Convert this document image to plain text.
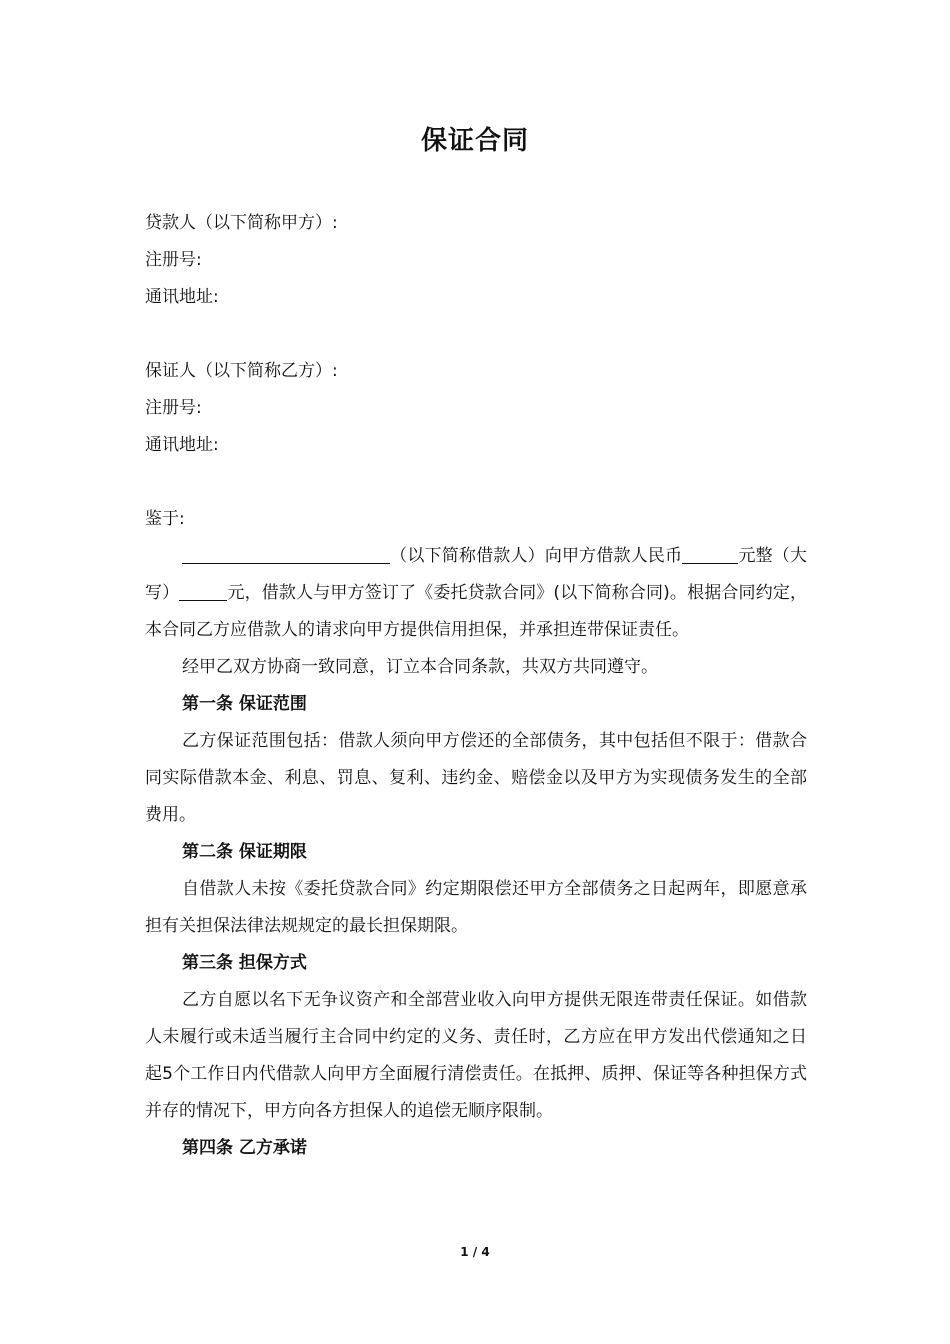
保证合同
贷款人（以下简称甲方）:
注册号:
通讯地址:
保证人（以下简称乙方）:
注册号:
通讯地址:
鉴于:

（以下简称借款人）向甲方借款人民币	元整（大写）	元，借款人与甲方签订了《委托贷款合同》(以下简称合同)。根据合同约定，本合同乙方应借款人的请求向甲方提供信用担保，并承担连带保证责任。

经甲乙双方协商一致同意，订立本合同条款，共双方共同遵守。

第一条 保证范围

乙方保证范围包括：借款人须向甲方偿还的全部债务，其中包括但不限于：借款合同实际借款本金、利息、罚息、复利、违约金、赔偿金以及甲方为实现债务发生的全部费用。

第二条 保证期限

自借款人未按《委托贷款合同》约定期限偿还甲方全部债务之日起两年，即愿意承担有关担保法律法规规定的最长担保期限。

第三条 担保方式

乙方自愿以名下无争议资产和全部营业收入向甲方提供无限连带责任保证。如借款人未履行或未适当履行主合同中约定的义务、责任时，乙方应在甲方发出代偿通知之日起5个工作日内代借款人向甲方全面履行清偿责任。在抵押、质押、保证等各种担保方式并存的情况下，甲方向各方担保人的追偿无顺序限制。

第四条 乙方承诺

1 / 4
